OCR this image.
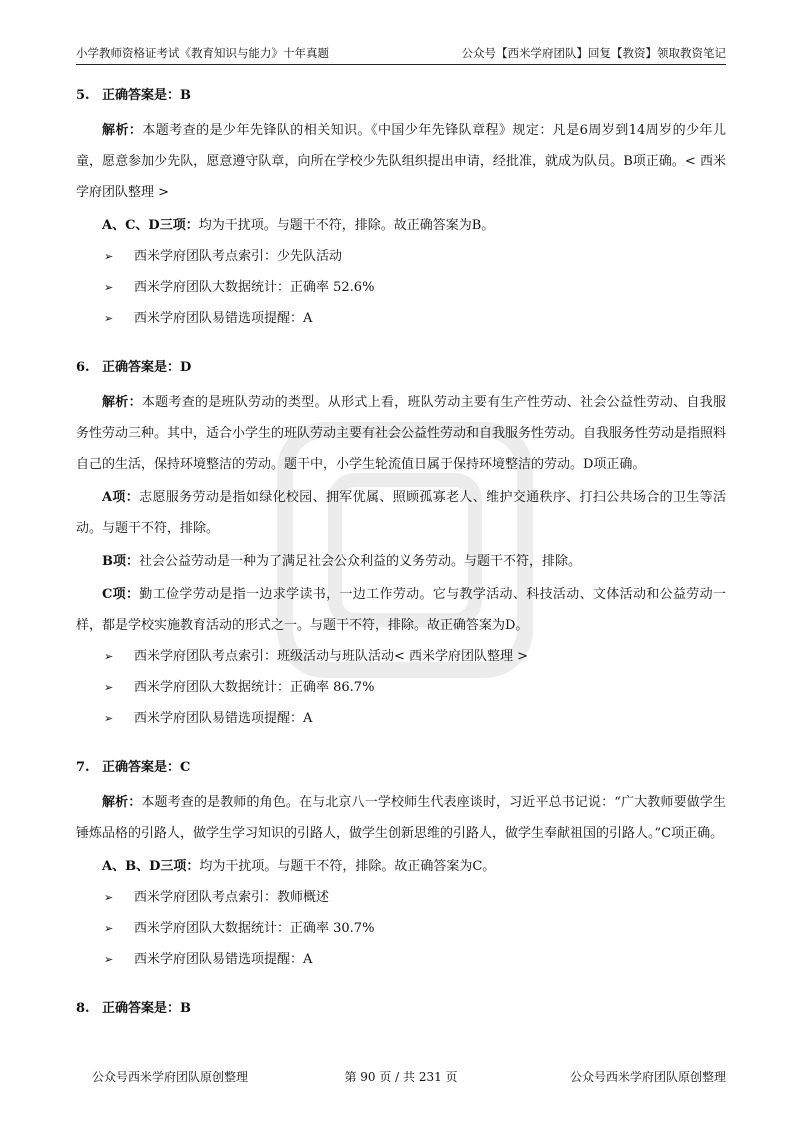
小学教师资格证考试《教育知识与能力》十年真题	公众号【西米学府团队】回复【教资】领取教资笔记
5. 正确答案是：B
解析：本题考查的是少年先锋队的相关知识。《中国少年先锋队章程》规定：凡是6周岁到14周岁的少年儿童，愿意参加少先队，愿意遵守队章，向所在学校少先队组织提出申请，经批准，就成为队员。B项正确。< 西米学府团队整理 >
A、C、D三项：均为干扰项。与题干不符，排除。故正确答案为B。
➢ 西米学府团队考点索引：少先队活动
➢ 西米学府团队大数据统计：正确率 52.6%
➢ 西米学府团队易错选项提醒：A
6. 正确答案是：D
解析：本题考查的是班队劳动的类型。从形式上看，班队劳动主要有生产性劳动、社会公益性劳动、自我服务性劳动三种。其中，适合小学生的班队劳动主要有社会公益性劳动和自我服务性劳动。自我服务性劳动是指照料自己的生活，保持环境整洁的劳动。题干中，小学生轮流值日属于保持环境整洁的劳动。D项正确。
A项：志愿服务劳动是指如绿化校园、拥军优属、照顾孤寡老人、维护交通秩序、打扫公共场合的卫生等活动。与题干不符，排除。
B项：社会公益劳动是一种为了满足社会公众利益的义务劳动。与题干不符，排除。
C项：勤工俭学劳动是指一边求学读书，一边工作劳动。它与教学活动、科技活动、文体活动和公益劳动一样，都是学校实施教育活动的形式之一。与题干不符，排除。故正确答案为D。
➢ 西米学府团队考点索引：班级活动与班队活动< 西米学府团队整理 >
➢ 西米学府团队大数据统计：正确率 86.7%
➢ 西米学府团队易错选项提醒：A
7. 正确答案是：C
解析：本题考查的是教师的角色。在与北京八一学校师生代表座谈时，习近平总书记说：“广大教师要做学生锤炼品格的引路人，做学生学习知识的引路人，做学生创新思维的引路人，做学生奉献祖国的引路人。”C项正确。
A、B、D三项：均为干扰项。与题干不符，排除。故正确答案为C。
➢ 西米学府团队考点索引：教师概述
➢ 西米学府团队大数据统计：正确率 30.7%
➢ 西米学府团队易错选项提醒：A
8. 正确答案是：B
公众号西米学府团队原创整理	第 90 页 / 共 231 页	公众号西米学府团队原创整理
